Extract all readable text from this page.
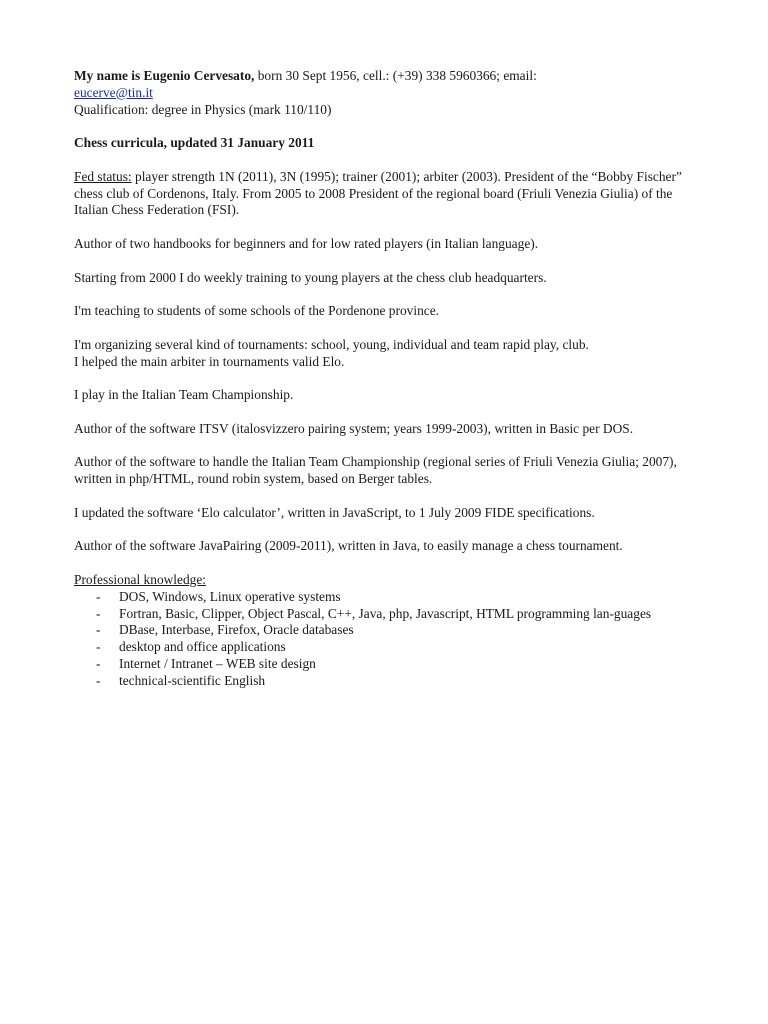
My name is Eugenio Cervesato, born 30 Sept 1956, cell.: (+39) 338 5960366; email:

eucerve@tin.it

Qualification: degree in Physics (mark 110/110)

Chess curricula, updated 31 January 2011

Fed status: player strength 1N (2011), 3N (1995); trainer (2001); arbiter (2003). President of the “Bobby Fischer” chess club of Cordenons, Italy. From 2005 to 2008 President of the regional board (Friuli Venezia Giulia) of the Italian Chess Federation (FSI).

Author of two handbooks for beginners and for low rated players (in Italian language).

Starting from 2000 I do weekly training to young players at the chess club headquarters.

I'm teaching to students of some schools of the Pordenone province.

I'm organizing several kind of tournaments: school, young, individual and team rapid play, club.

I helped the main arbiter in tournaments valid Elo.

I play in the Italian Team Championship.

Author of the software ITSV (italosvizzero pairing system; years 1999-2003), written in Basic per DOS.

Author of the software to handle the Italian Team Championship (regional series of Friuli Venezia Giulia; 2007), written in php/HTML, round robin system, based on Berger tables.

I updated the software ‘Elo calculator’, written in JavaScript, to 1 July 2009 FIDE specifications.

Author of the software JavaPairing (2009-2011), written in Java, to easily manage a chess tournament.

Professional knowledge:

- DOS, Windows, Linux operative systems
- Fortran, Basic, Clipper, Object Pascal, C++, Java, php, Javascript, HTML programming lan-guages
- DBase, Interbase, Firefox, Oracle databases
- desktop and office applications
- Internet / Intranet – WEB site design
- technical-scientific English
